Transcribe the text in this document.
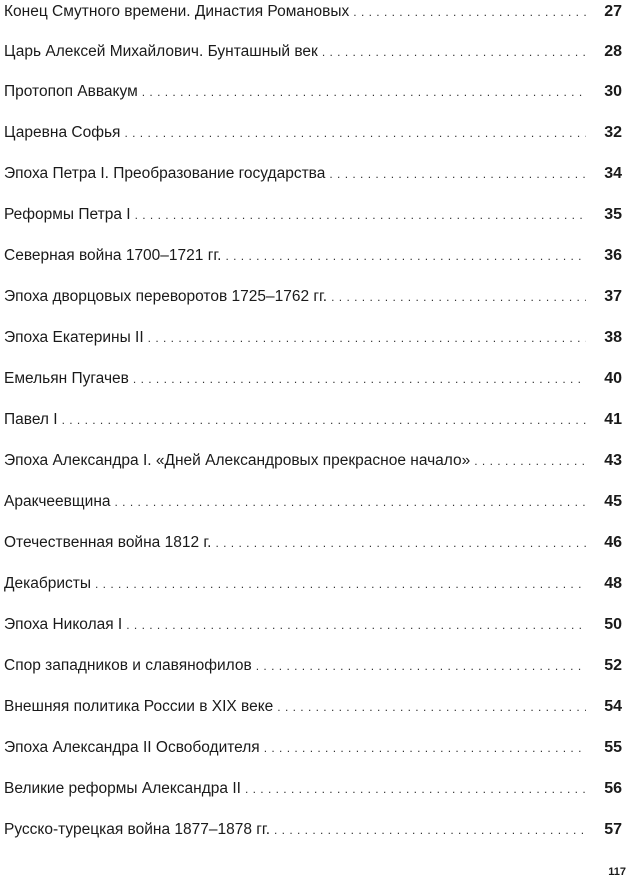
Конец Смутного времени. Династия Романовых . . .	27
Царь Алексей Михайлович. Бунташный век . . .	28
Протопоп Аввакум . . .	30
Царевна Софья . . .	32
Эпоха Петра I. Преобразование государства . . .	34
Реформы Петра I . . .	35
Северная война 1700–1721 гг. . . .	36
Эпоха дворцовых переворотов 1725–1762 гг. . . .	37
Эпоха Екатерины II . . .	38
Емельян Пугачев . . .	40
Павел I . . .	41
Эпоха Александра I. «Дней Александровых прекрасное начало» . . .	43
Аракчеевщина . . .	45
Отечественная война 1812 г. . . .	46
Декабристы . . .	48
Эпоха Николая I . . .	50
Спор западников и славянофилов . . .	52
Внешняя политика России в XIX веке . . .	54
Эпоха Александра II Освободителя . . .	55
Великие реформы Александра II . . .	56
Русско-турецкая война 1877–1878 гг. . . .	57
117
